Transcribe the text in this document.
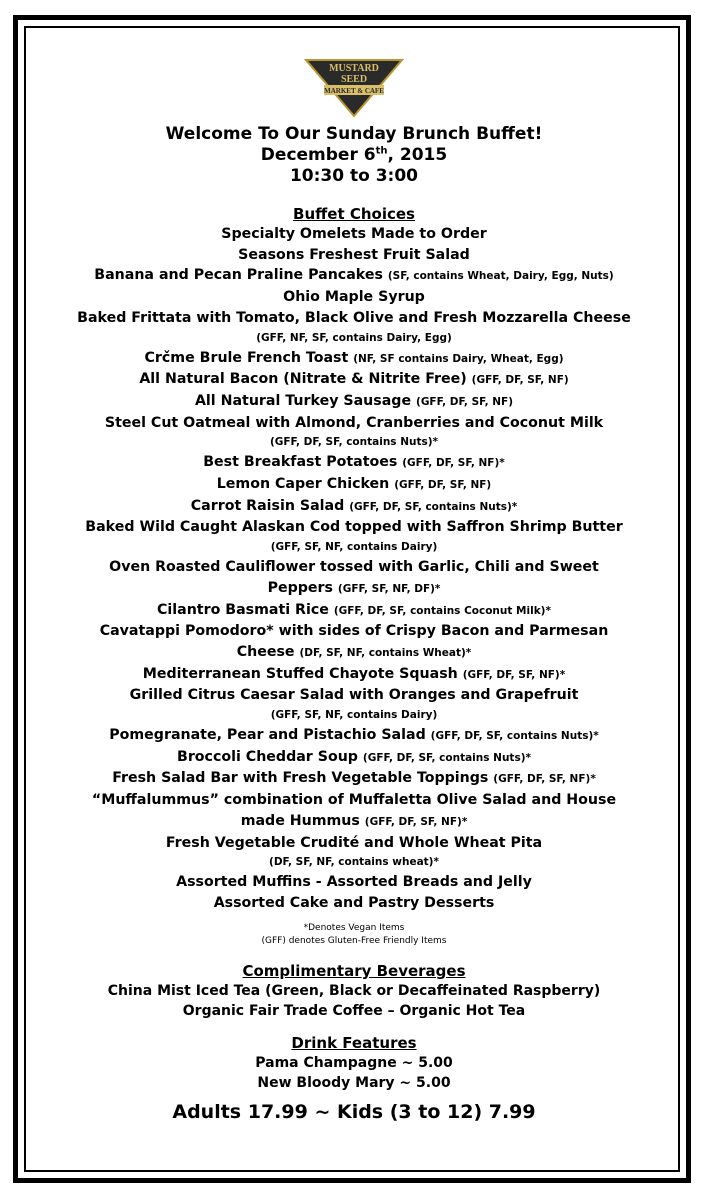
MUSTARD
SEED
MARKET & CAFE
Welcome To Our Sunday Brunch Buffet!
December 6th, 2015
10:30 to 3:00
Buffet Choices
Specialty Omelets Made to Order
Seasons Freshest Fruit Salad
Banana and Pecan Praline Pancakes (SF, contains Wheat, Dairy, Egg, Nuts)
Ohio Maple Syrup
Baked Frittata with Tomato, Black Olive and Fresh Mozzarella Cheese
(GFF, NF, SF, contains Dairy, Egg)
Crčme Brule French Toast (NF, SF contains Dairy, Wheat, Egg)
All Natural Bacon (Nitrate & Nitrite Free) (GFF, DF, SF, NF)
All Natural Turkey Sausage (GFF, DF, SF, NF)
Steel Cut Oatmeal with Almond, Cranberries and Coconut Milk
(GFF, DF, SF, contains Nuts)*
Best Breakfast Potatoes (GFF, DF, SF, NF)*
Lemon Caper Chicken (GFF, DF, SF, NF)
Carrot Raisin Salad (GFF, DF, SF, contains Nuts)*
Baked Wild Caught Alaskan Cod topped with Saffron Shrimp Butter
(GFF, SF, NF, contains Dairy)
Oven Roasted Cauliflower tossed with Garlic, Chili and Sweet
Peppers (GFF, SF, NF, DF)*
Cilantro Basmati Rice (GFF, DF, SF, contains Coconut Milk)*
Cavatappi Pomodoro* with sides of Crispy Bacon and Parmesan
Cheese (DF, SF, NF, contains Wheat)*
Mediterranean Stuffed Chayote Squash (GFF, DF, SF, NF)*
Grilled Citrus Caesar Salad with Oranges and Grapefruit
(GFF, SF, NF, contains Dairy)
Pomegranate, Pear and Pistachio Salad (GFF, DF, SF, contains Nuts)*
Broccoli Cheddar Soup (GFF, DF, SF, contains Nuts)*
Fresh Salad Bar with Fresh Vegetable Toppings (GFF, DF, SF, NF)*
“Muffalummus” combination of Muffaletta Olive Salad and House
made Hummus (GFF, DF, SF, NF)*
Fresh Vegetable Crudité and Whole Wheat Pita
(DF, SF, NF, contains wheat)*
Assorted Muffins - Assorted Breads and Jelly
Assorted Cake and Pastry Desserts
*Denotes Vegan Items
(GFF) denotes Gluten-Free Friendly Items
Complimentary Beverages
China Mist Iced Tea (Green, Black or Decaffeinated Raspberry)
Organic Fair Trade Coffee – Organic Hot Tea
Drink Features
Pama Champagne ~ 5.00
New Bloody Mary ~ 5.00
Adults 17.99 ~ Kids (3 to 12) 7.99
